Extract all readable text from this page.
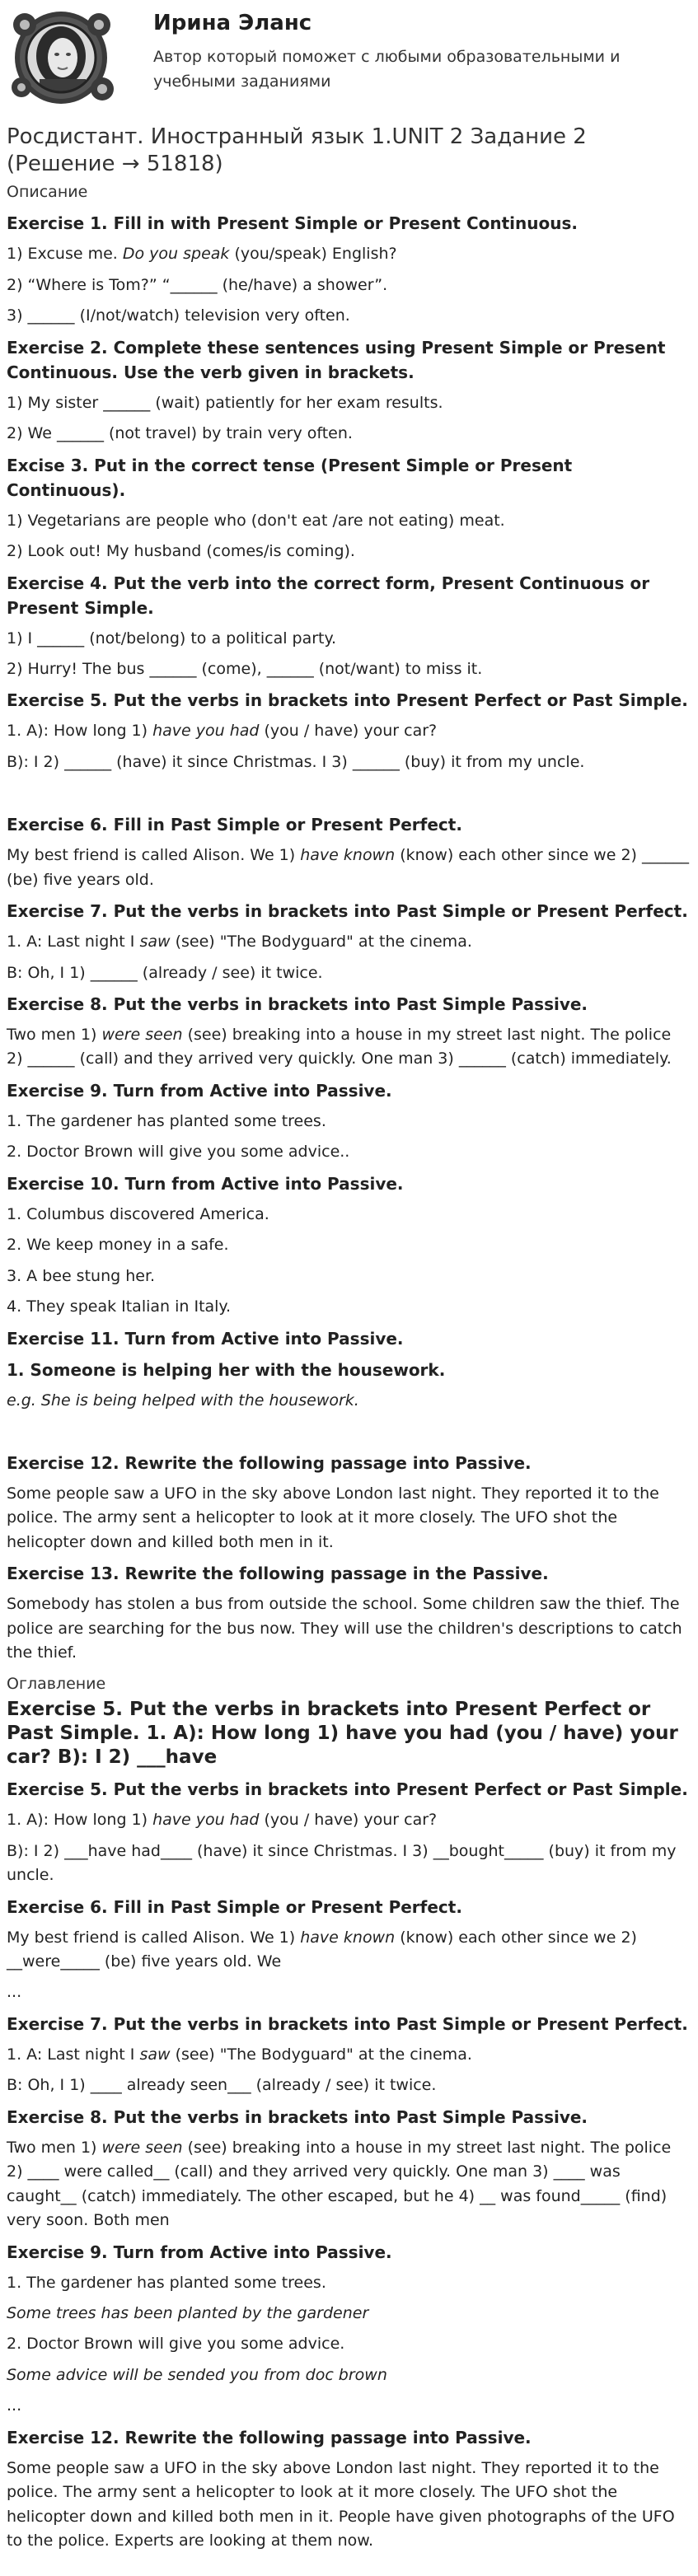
Ирина Эланс
Автор который поможет с любыми образовательными и учебными заданиями
Росдистант. Иностранный язык 1.UNIT 2 Задание 2 (Решение → 51818)
Описание
Exercise 1. Fill in with Present Simple or Present Continuous.

1) Excuse me. Do you speak (you/speak) English?

2) “Where is Tom?” “______ (he/have) a shower”.

3) ______ (I/not/watch) television very often.

Exercise 2. Complete these sentences using Present Simple or Present Continuous. Use the verb given in brackets.

1) My sister ______ (wait) patiently for her exam results.

2) We ______ (not travel) by train very often.

Excise 3. Put in the correct tense (Present Simple or Present Continuous).

1) Vegetarians are people who (don't eat /are not eating) meat.

2) Look out! My husband (comes/is coming).

Exercise 4. Put the verb into the correct form, Present Continuous or Present Simple.

1) I ______ (not/belong) to a political party.

2) Hurry! The bus ______ (come), ______ (not/want) to miss it.

Exercise 5. Put the verbs in brackets into Present Perfect or Past Simple.

1. A): How long 1) have you had (you / have) your car?

B): I 2) ______ (have) it since Christmas. I 3) ______ (buy) it from my uncle.

Exercise 6. Fill in Past Simple or Present Perfect.

My best friend is called Alison. We 1) have known (know) each other since we 2) ______ (be) five years old.

Exercise 7. Put the verbs in brackets into Past Simple or Present Perfect.

1. A: Last night I saw (see) "The Bodyguard" at the cinema.

B: Oh, I 1) ______ (already / see) it twice.

Exercise 8. Put the verbs in brackets into Past Simple Passive.

Two men 1) were seen (see) breaking into a house in my street last night. The police 2) ______ (call) and they arrived very quickly. One man 3) ______ (catch) immediately.

Exercise 9. Turn from Active into Passive.

1. The gardener has planted some trees.

2. Doctor Brown will give you some advice..

Exercise 10. Turn from Active into Passive.

1. Columbus discovered America.

2. We keep money in a safe.

3. A bee stung her.

4. They speak Italian in Italy.

Exercise 11. Turn from Active into Passive.
1. Someone is helping her with the housework.

e.g. She is being helped with the housework.

Exercise 12. Rewrite the following passage into Passive.

Some people saw a UFO in the sky above London last night. They reported it to the police. The army sent a helicopter to look at it more closely. The UFO shot the helicopter down and killed both men in it.

Exercise 13. Rewrite the following passage in the Passive.

Somebody has stolen a bus from outside the school. Some children saw the thief. The police are searching for the bus now. They will use the children's descriptions to catch the thief.

Оглавление
Exercise 5. Put the verbs in brackets into Present Perfect or Past Simple. 1. A): How long 1) have you had (you / have) your car? B): I 2) ___have
Exercise 5. Put the verbs in brackets into Present Perfect or Past Simple.

1. A): How long 1) have you had (you / have) your car?

B): I 2) ___have had____ (have) it since Christmas. I 3) __bought_____ (buy) it from my uncle.

Exercise 6. Fill in Past Simple or Present Perfect.

My best friend is called Alison. We 1) have known (know) each other since we 2) __were_____ (be) five years old. We

...

Exercise 7. Put the verbs in brackets into Past Simple or Present Perfect.

1. A: Last night I saw (see) "The Bodyguard" at the cinema.

B: Oh, I 1) ____ already seen___ (already / see) it twice.

Exercise 8. Put the verbs in brackets into Past Simple Passive.

Two men 1) were seen (see) breaking into a house in my street last night. The police 2) ____ were called__ (call) and they arrived very quickly. One man 3) ____ was caught__ (catch) immediately. The other escaped, but he 4) __ was found_____ (find) very soon. Both men

Exercise 9. Turn from Active into Passive.

1. The gardener has planted some trees.

Some trees has been planted by the gardener

2. Doctor Brown will give you some advice.

Some advice will be sended you from doc brown

...

Exercise 12. Rewrite the following passage into Passive.

Some people saw a UFO in the sky above London last night. They reported it to the police. The army sent a helicopter to look at it more closely. The UFO shot the helicopter down and killed both men in it. People have given photographs of the UFO to the police. Experts are looking at them now.
